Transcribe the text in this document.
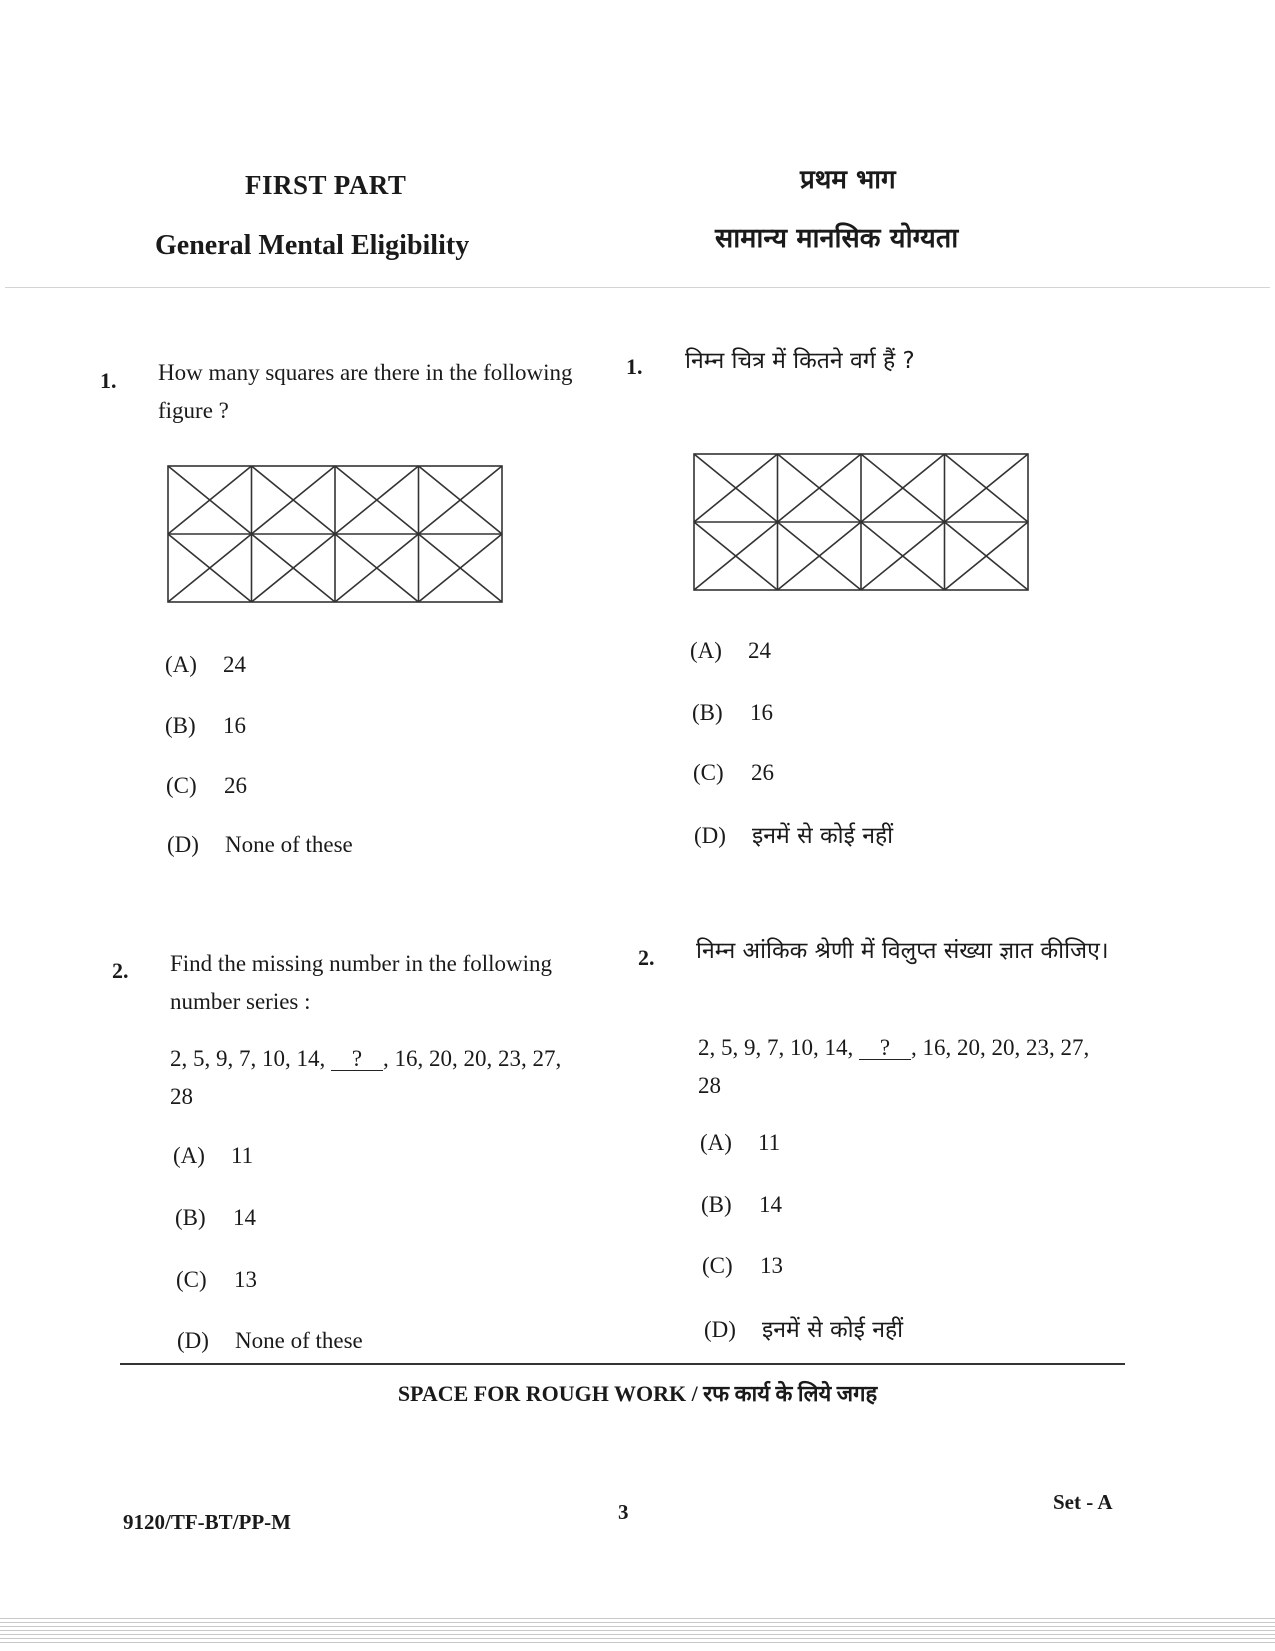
FIRST PART
General Mental Eligibility
प्रथम भाग
सामान्य मानसिक योग्यता
1. How many squares are there in the following figure ?
(A) 24
(B) 16
(C) 26
(D) None of these
1. निम्न चित्र में कितने वर्ग हैं ?
(A) 24
(B) 16
(C) 26
(D) इनमें से कोई नहीं
2. Find the missing number in the following number series :
2, 5, 9, 7, 10, 14, ? , 16, 20, 20, 23, 27,
28
(A) 11
(B) 14
(C) 13
(D) None of these
2. निम्न आंकिक श्रेणी में विलुप्त संख्या ज्ञात कीजिए।
2, 5, 9, 7, 10, 14, ? , 16, 20, 20, 23, 27,
28
(A) 11
(B) 14
(C) 13
(D) इनमें से कोई नहीं
SPACE FOR ROUGH WORK / रफ कार्य के लिये जगह
9120/TF-BT/PP-M	3	Set - A
